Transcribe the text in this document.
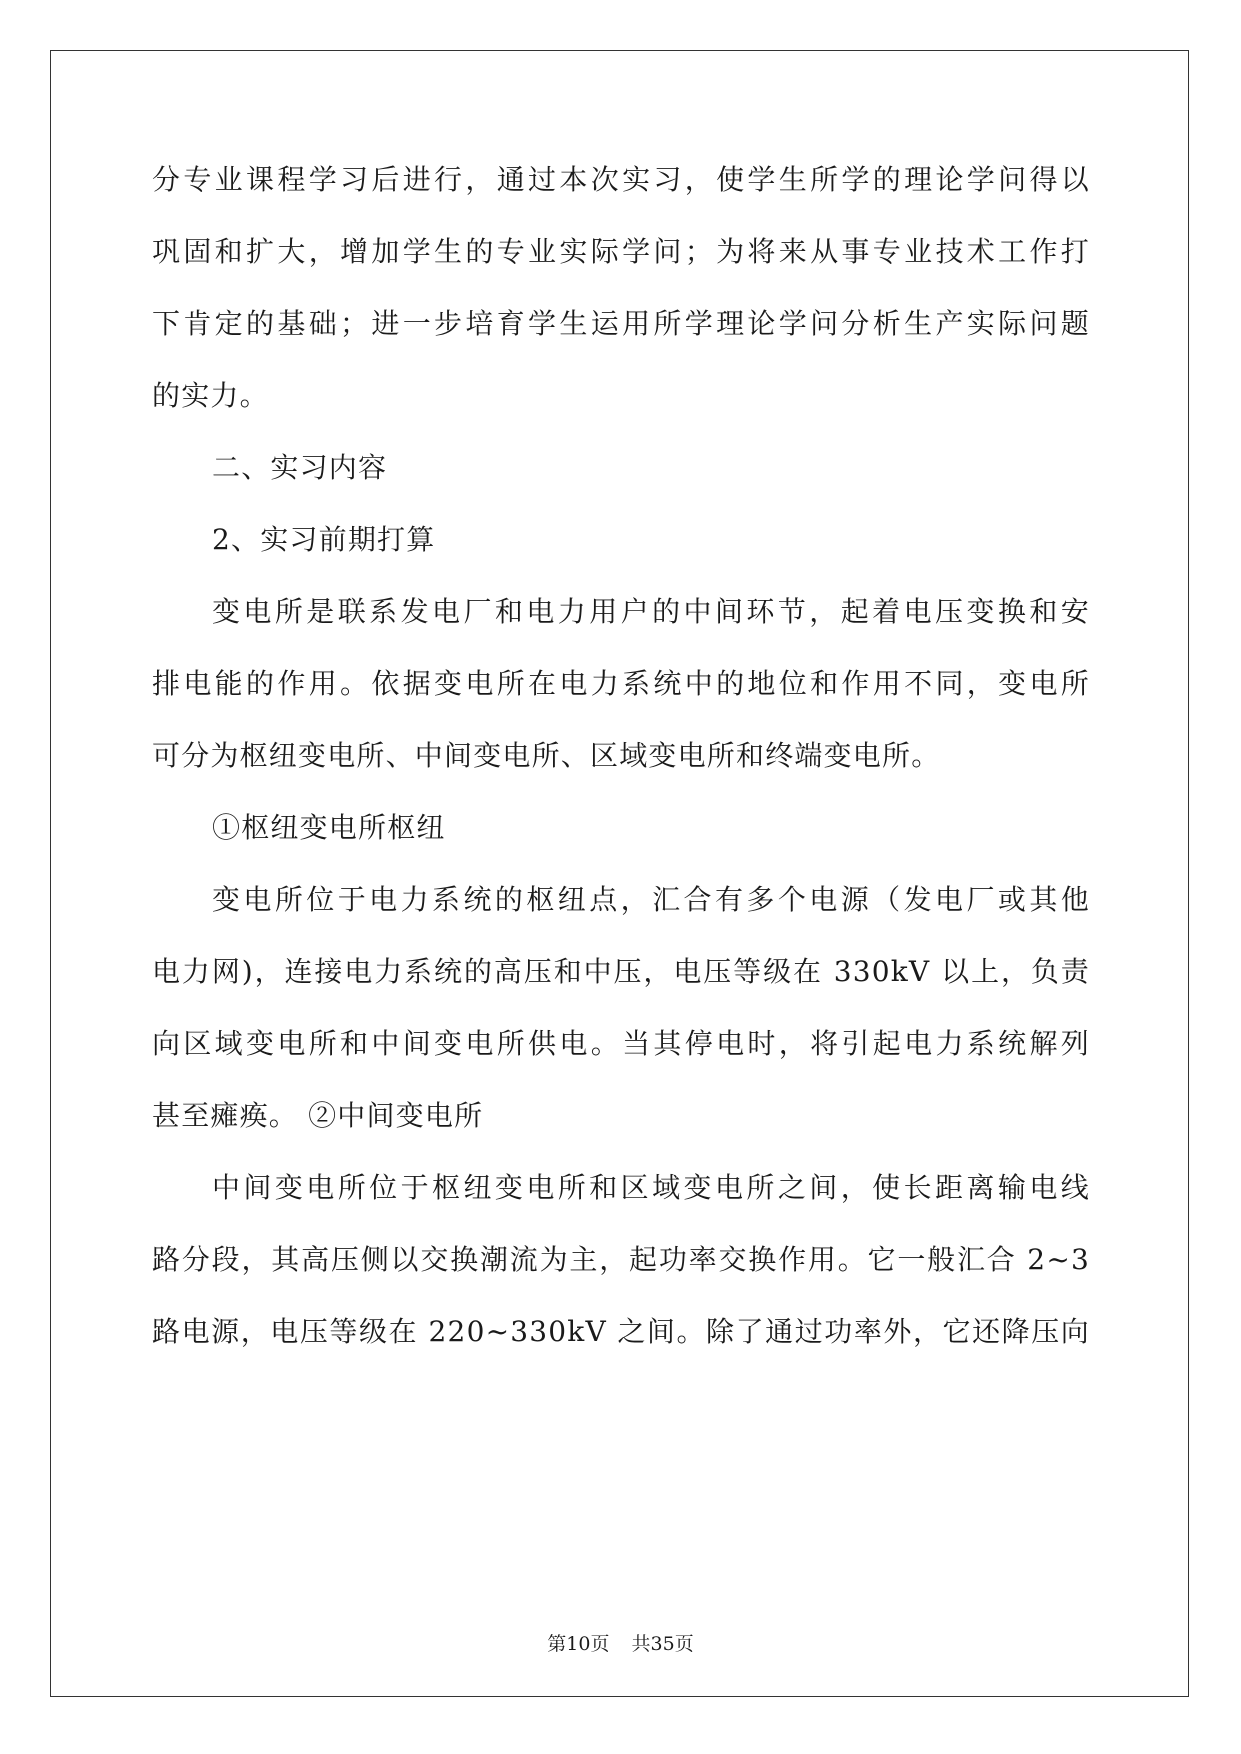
分专业课程学习后进行，通过本次实习，使学生所学的理论学问得以
巩固和扩大，增加学生的专业实际学问；为将来从事专业技术工作打
下肯定的基础；进一步培育学生运用所学理论学问分析生产实际问题
的实力。
二、实习内容
2、实习前期打算
变电所是联系发电厂和电力用户的中间环节，起着电压变换和安
排电能的作用。依据变电所在电力系统中的地位和作用不同，变电所
可分为枢纽变电所、中间变电所、区域变电所和终端变电所。
①枢纽变电所枢纽
变电所位于电力系统的枢纽点，汇合有多个电源（发电厂或其他
电力网)，连接电力系统的高压和中压，电压等级在 330kV 以上，负责
向区域变电所和中间变电所供电。当其停电时，将引起电力系统解列
甚至瘫痪。 ②中间变电所
中间变电所位于枢纽变电所和区域变电所之间，使长距离输电线
路分段，其高压侧以交换潮流为主，起功率交换作用。它一般汇合 2~3
路电源，电压等级在 220~330kV 之间。除了通过功率外，它还降压向
第10页 共35页
